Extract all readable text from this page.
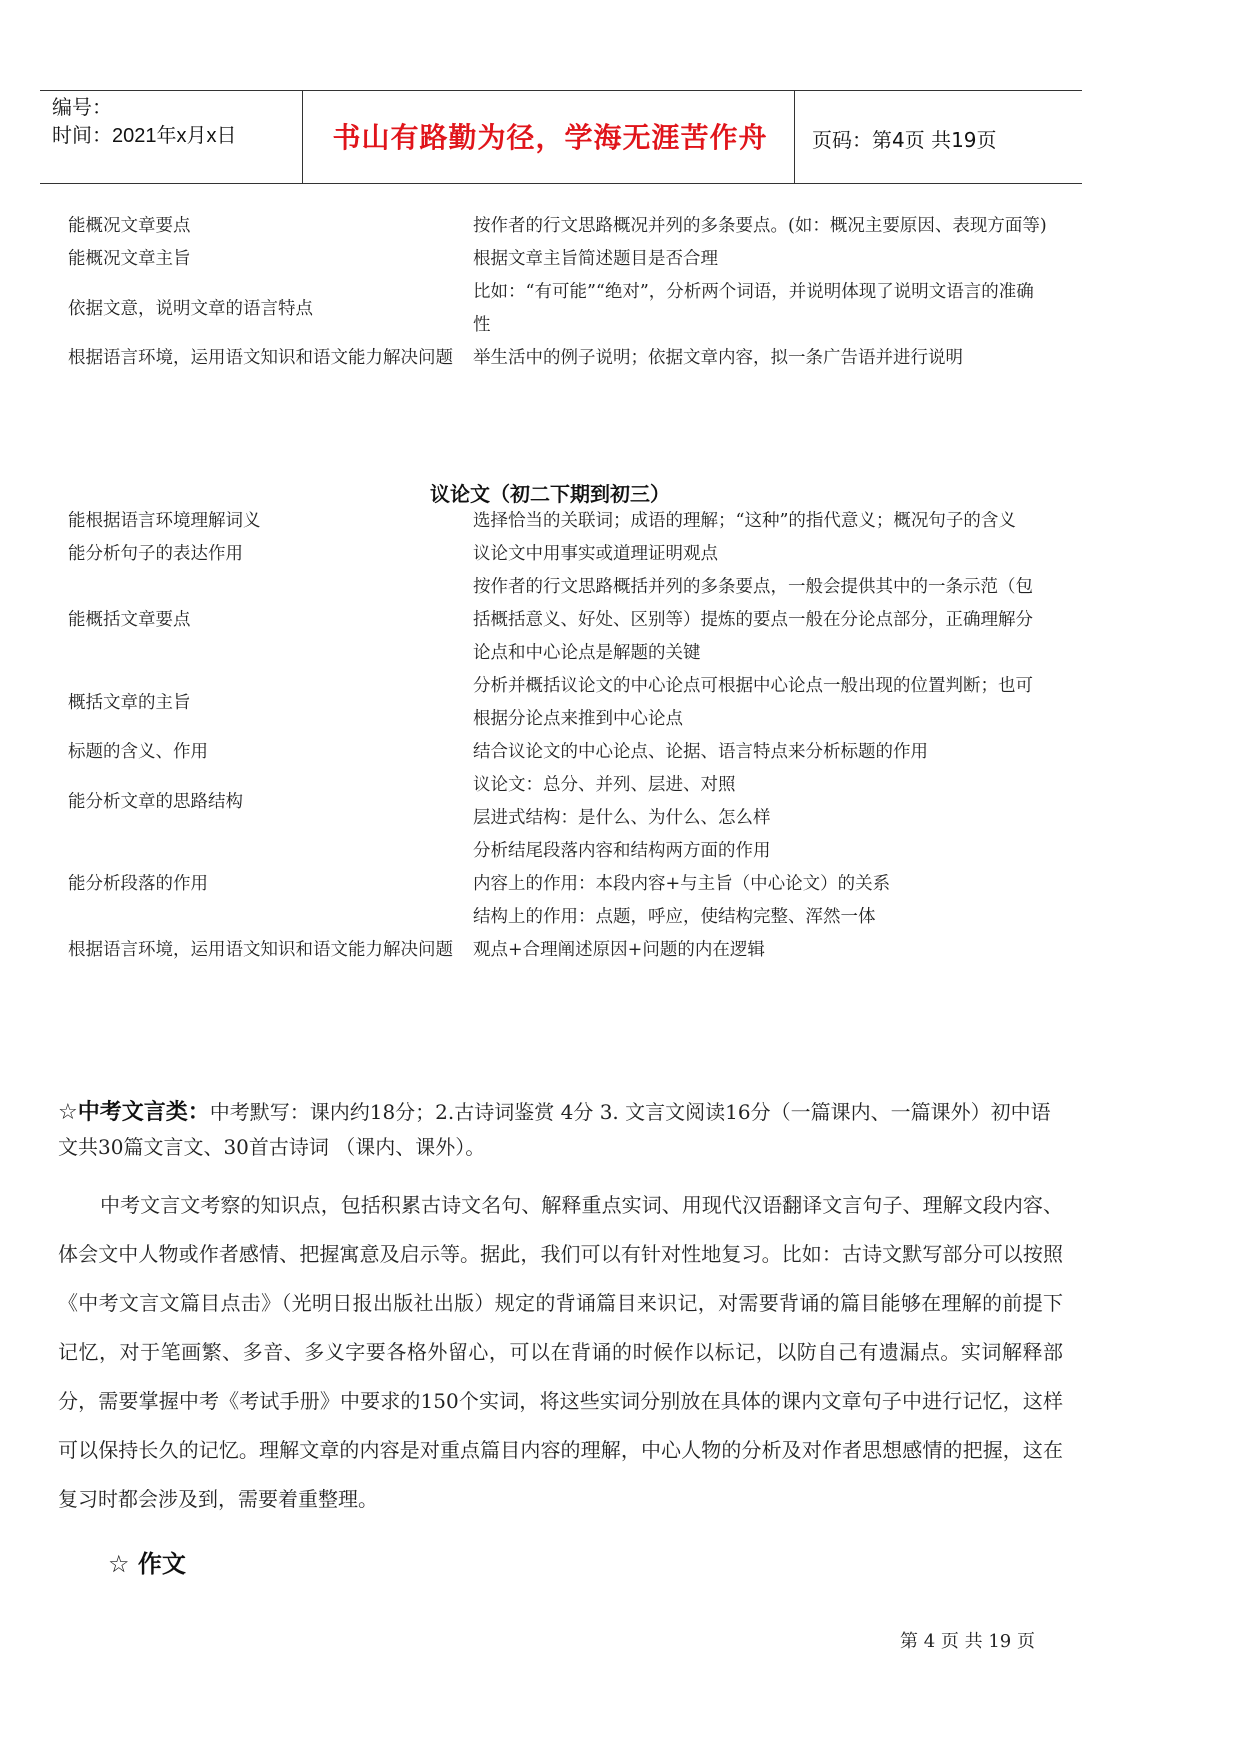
编号：
时间：2021年x月x日	书山有路勤为径，学海无涯苦作舟	页码：第4页 共19页
能概况文章要点	按作者的行文思路概况并列的多条要点。(如：概况主要原因、表现方面等)
能概况文章主旨	根据文章主旨简述题目是否合理
依据文意，说明文章的语言特点	比如：“有可能”“绝对”，分析两个词语，并说明体现了说明文语言的准确性
根据语言环境，运用语文知识和语文能力解决问题	举生活中的例子说明；依据文章内容，拟一条广告语并进行说明
议论文（初二下期到初三）
能根据语言环境理解词义	选择恰当的关联词；成语的理解；“这种”的指代意义；概况句子的含义

能分析句子的表达作用	议论文中用事实或道理证明观点

能概括文章要点	按作者的行文思路概括并列的多条要点，一般会提供其中的一条示范（包括概括意义、好处、区别等）提炼的要点一般在分论点部分，正确理解分论点和中心论点是解题的关键

概括文章的主旨	分析并概括议论文的中心论点可根据中心论点一般出现的位置判断；也可根据分论点来推到中心论点

标题的含义、作用	结合议论文的中心论点、论据、语言特点来分析标题的作用

能分析文章的思路结构	议论文：总分、并列、层进、对照
层进式结构：是什么、为什么、怎么样

能分析段落的作用	分析结尾段落内容和结构两方面的作用
内容上的作用：本段内容+与主旨（中心论文）的关系
结构上的作用：点题，呼应，使结构完整、浑然一体

根据语言环境，运用语文知识和语文能力解决问题	观点+合理阐述原因+问题的内在逻辑
☆中考文言类：中考默写：课内约18分；2.古诗词鉴赏 4分 3. 文言文阅读16分（一篇课内、一篇课外）初中语文共30篇文言文、30首古诗词 （课内、课外）。
中考文言文考察的知识点，包括积累古诗文名句、解释重点实词、用现代汉语翻译文言句子、理解文段内容、体会文中人物或作者感情、把握寓意及启示等。据此，我们可以有针对性地复习。比如：古诗文默写部分可以按照《中考文言文篇目点击》（光明日报出版社出版）规定的背诵篇目来识记，对需要背诵的篇目能够在理解的前提下记忆，对于笔画繁、多音、多义字要各格外留心，可以在背诵的时候作以标记，以防自己有遗漏点。实词解释部分，需要掌握中考《考试手册》中要求的150个实词，将这些实词分别放在具体的课内文章句子中进行记忆，这样可以保持长久的记忆。理解文章的内容是对重点篇目内容的理解，中心人物的分析及对作者思想感情的把握，这在复习时都会涉及到，需要着重整理。
☆ 作文
第 4 页 共 19 页
